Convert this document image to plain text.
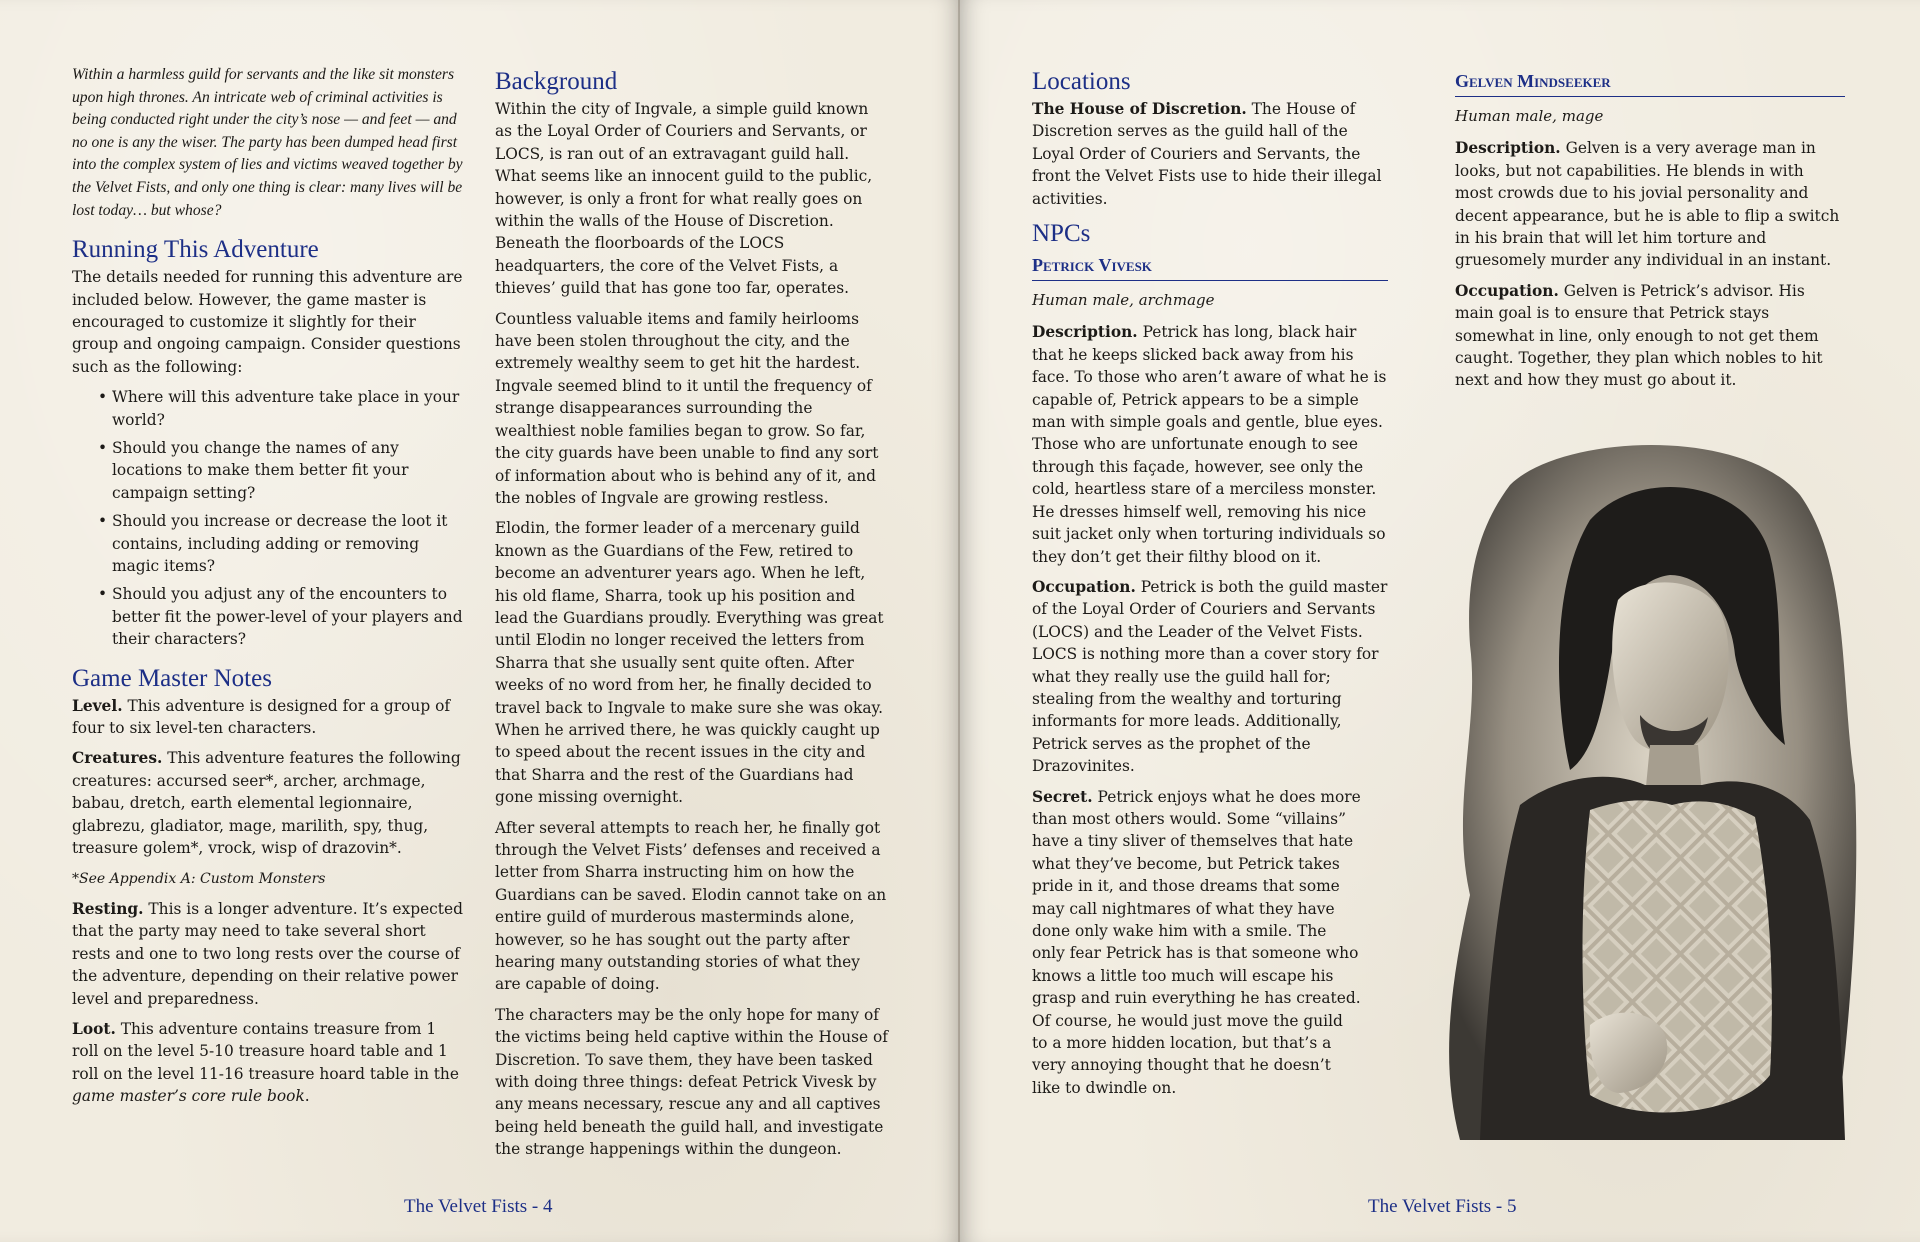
Within a harmless guild for servants and the like sit monsters upon high thrones. An intricate web of criminal activities is being conducted right under the city’s nose — and feet — and no one is any the wiser. The party has been dumped head first into the complex system of lies and victims weaved together by the Velvet Fists, and only one thing is clear: many lives will be lost today… but whose?

Running This Adventure

The details needed for running this adventure are included below. However, the game master is encouraged to customize it slightly for their group and ongoing campaign. Consider questions such as the following:

• Where will this adventure take place in your world?
• Should you change the names of any locations to make them better fit your campaign setting?
• Should you increase or decrease the loot it contains, including adding or removing magic items?
• Should you adjust any of the encounters to better fit the power-level of your players and their characters?
Game Master Notes

Level. This adventure is designed for a group of four to six level-ten characters.

Creatures. This adventure features the following creatures: accursed seer*, archer, archmage, babau, dretch, earth elemental legionnaire, glabrezu, gladiator, mage, marilith, spy, thug, treasure golem*, vrock, wisp of drazovin*.

*See Appendix A: Custom Monsters

Resting. This is a longer adventure. It’s expected that the party may need to take several short rests and one to two long rests over the course of the adventure, depending on their relative power level and preparedness.

Loot. This adventure contains treasure from 1 roll on the level 5-10 treasure hoard table and 1 roll on the level 11-16 treasure hoard table in the game master’s core rule book.

Background

Within the city of Ingvale, a simple guild known as the Loyal Order of Couriers and Servants, or LOCS, is ran out of an extravagant guild hall. What seems like an innocent guild to the public, however, is only a front for what really goes on within the walls of the House of Discretion. Beneath the floorboards of the LOCS headquarters, the core of the Velvet Fists, a thieves’ guild that has gone too far, operates.

Countless valuable items and family heirlooms have been stolen throughout the city, and the extremely wealthy seem to get hit the hardest. Ingvale seemed blind to it until the frequency of strange disappearances surrounding the wealthiest noble families began to grow. So far, the city guards have been unable to find any sort of information about who is behind any of it, and the nobles of Ingvale are growing restless.

Elodin, the former leader of a mercenary guild known as the Guardians of the Few, retired to become an adventurer years ago. When he left, his old flame, Sharra, took up his position and lead the Guardians proudly. Everything was great until Elodin no longer received the letters from Sharra that she usually sent quite often. After weeks of no word from her, he finally decided to travel back to Ingvale to make sure she was okay. When he arrived there, he was quickly caught up to speed about the recent issues in the city and that Sharra and the rest of the Guardians had gone missing overnight.

After several attempts to reach her, he finally got through the Velvet Fists’ defenses and received a letter from Sharra instructing him on how the Guardians can be saved. Elodin cannot take on an entire guild of murderous masterminds alone, however, so he has sought out the party after hearing many outstanding stories of what they are capable of doing.

The characters may be the only hope for many of the victims being held captive within the House of Discretion. To save them, they have been tasked with doing three things: defeat Petrick Vivesk by any means necessary, rescue any and all captives being held beneath the guild hall, and investigate the strange happenings within the dungeon.

The Velvet Fists - 4
Locations

The House of Discretion. The House of Discretion serves as the guild hall of the Loyal Order of Couriers and Servants, the front the Velvet Fists use to hide their illegal activities.

NPCs
Petrick Vivesk

Human male, archmage

Description. Petrick has long, black hair that he keeps slicked back away from his face. To those who aren’t aware of what he is capable of, Petrick appears to be a simple man with simple goals and gentle, blue eyes. Those who are unfortunate enough to see through this façade, however, see only the cold, heartless stare of a merciless monster. He dresses himself well, removing his nice suit jacket only when torturing individuals so they don’t get their filthy blood on it.

Occupation. Petrick is both the guild master of the Loyal Order of Couriers and Servants (LOCS) and the Leader of the Velvet Fists. LOCS is nothing more than a cover story for what they really use the guild hall for; stealing from the wealthy and torturing informants for more leads. Additionally, Petrick serves as the prophet of the Drazovinites.

Secret. Petrick enjoys what he does more than most others would. Some “villains” have a tiny sliver of themselves that hate what they’ve become, but Petrick takes pride in it, and those dreams that some may call nightmares of what they have done only wake him with a smile. The only fear Petrick has is that someone who knows a little too much will escape his grasp and ruin everything he has created. Of course, he would just move the guild to a more hidden location, but that’s a very annoying thought that he doesn’t like to dwindle on.

Gelven Mindseeker

Human male, mage

Description. Gelven is a very average man in looks, but not capabilities. He blends in with most crowds due to his jovial personality and decent appearance, but he is able to flip a switch in his brain that will let him torture and gruesomely murder any individual in an instant.

Occupation. Gelven is Petrick’s advisor. His main goal is to ensure that Petrick stays somewhat in line, only enough to not get them caught. Together, they plan which nobles to hit next and how they must go about it.

The Velvet Fists - 5
